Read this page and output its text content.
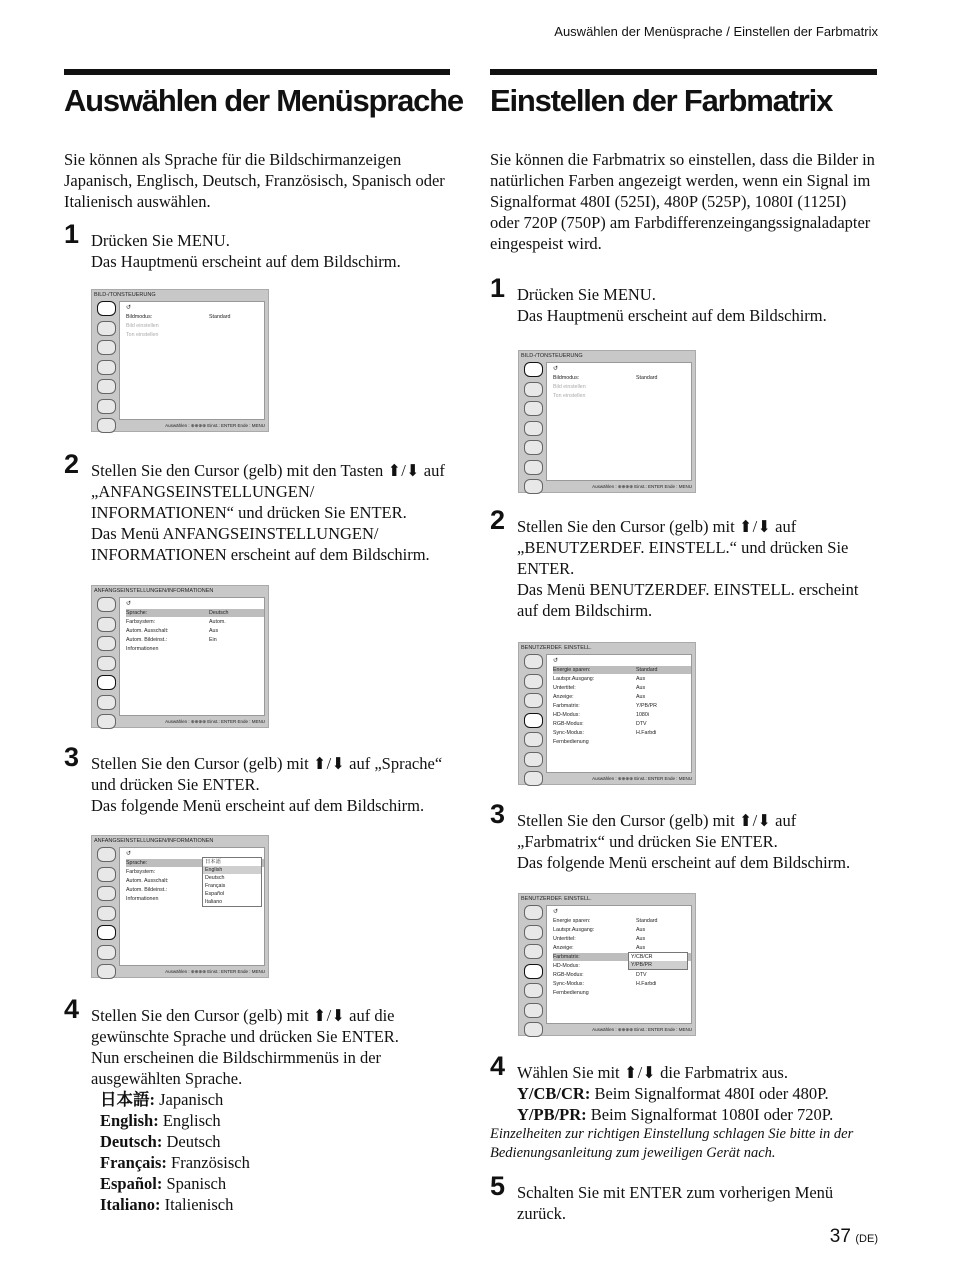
Auswählen der Menüsprache / Einstellen der Farbmatrix
Auswählen der Menüsprache

Sie können als Sprache für die Bildschirmanzeigen Japanisch, Englisch, Deutsch, Französisch, Spanisch oder Italienisch auswählen.

1 Drücken Sie MENU.
Das Hauptmenü erscheint auf dem Bildschirm.
BILD-/TONSTEUERUNG
↺
Bildmodus:	Standard
Bild einstellen
Ton einstellen
Auswählen : ⊕⊕⊕⊕ Einst.: ENTER Ende : MENU
2 Stellen Sie den Cursor (gelb) mit den Tasten ⬆/⬇ auf „ANFANGSEINSTELLUNGEN/ INFORMATIONEN“ und drücken Sie ENTER.
Das Menü ANFANGSEINSTELLUNGEN/ INFORMATIONEN erscheint auf dem Bildschirm.
ANFANGSEINSTELLUNGEN/INFORMATIONEN
↺
Sprache:	Deutsch
Farbsystem:	Autom.
Autom. Ausschalt:	Aus
Autom. Bildeinst.:	Ein
Informationen
Auswählen : ⊕⊕⊕⊕ Einst.: ENTER Ende : MENU
3 Stellen Sie den Cursor (gelb) mit ⬆/⬇ auf „Sprache“ und drücken Sie ENTER.
Das folgende Menü erscheint auf dem Bildschirm.
ANFANGSEINSTELLUNGEN/INFORMATIONEN
↺
Sprache:
Farbsystem:
Autom. Ausschalt:
Autom. Bildeinst.:
Informationen
日本語
English
Deutsch
Français
Español
Italiano
Auswählen : ⊕⊕⊕⊕ Einst.: ENTER Ende : MENU
4 Stellen Sie den Cursor (gelb) mit ⬆/⬇ auf die gewünschte Sprache und drücken Sie ENTER.
Nun erscheinen die Bildschirmmenüs in der ausgewählten Sprache.
日本語: Japanisch
English: Englisch
Deutsch: Deutsch
Français: Französisch
Español: Spanisch
Italiano: Italienisch
Einstellen der Farbmatrix

Sie können die Farbmatrix so einstellen, dass die Bilder in natürlichen Farben angezeigt werden, wenn ein Signal im Signalformat 480I (525I), 480P (525P), 1080I (1125I) oder 720P (750P) am Farbdifferenzeingangssignaladapter eingespeist wird.

1 Drücken Sie MENU.
Das Hauptmenü erscheint auf dem Bildschirm.
BILD-/TONSTEUERUNG
↺
Bildmodus:	Standard
Bild einstellen
Ton einstellen
Auswählen : ⊕⊕⊕⊕ Einst.: ENTER Ende : MENU
2 Stellen Sie den Cursor (gelb) mit ⬆/⬇ auf „BENUTZERDEF. EINSTELL.“ und drücken Sie ENTER.
Das Menü BENUTZERDEF. EINSTELL. erscheint auf dem Bildschirm.
BENUTZERDEF. EINSTELL.
↺
Energie sparen:	Standard
Lautspr.Ausgang:	Aus
Untertitel:	Aus
Anzeige:	Aus
Farbmatrix:	Y/PB/PR
HD-Modus:	1080i
RGB-Modus:	DTV
Sync-Modus:	H.Farbdi
Fernbedienung
Auswählen : ⊕⊕⊕⊕ Einst.: ENTER Ende : MENU
3 Stellen Sie den Cursor (gelb) mit ⬆/⬇ auf „Farbmatrix“ und drücken Sie ENTER.
Das folgende Menü erscheint auf dem Bildschirm.
BENUTZERDEF. EINSTELL.
↺
Energie sparen:	Standard
Lautspr.Ausgang:	Aus
Untertitel:	Aus
Anzeige:	Aus
Farbmatrix:
HD-Modus:
RGB-Modus:	DTV
Sync-Modus:	H.Farbdi
Fernbedienung
Y/CB/CR
Y/PB/PR
Auswählen : ⊕⊕⊕⊕ Einst.: ENTER Ende : MENU
4 Wählen Sie mit ⬆/⬇ die Farbmatrix aus.
Y/CB/CR: Beim Signalformat 480I oder 480P.
Y/PB/PR: Beim Signalformat 1080I oder 720P.
Einzelheiten zur richtigen Einstellung schlagen Sie bitte in der Bedienungsanleitung zum jeweiligen Gerät nach.
5 Schalten Sie mit ENTER zum vorherigen Menü zurück.
37 (DE)
